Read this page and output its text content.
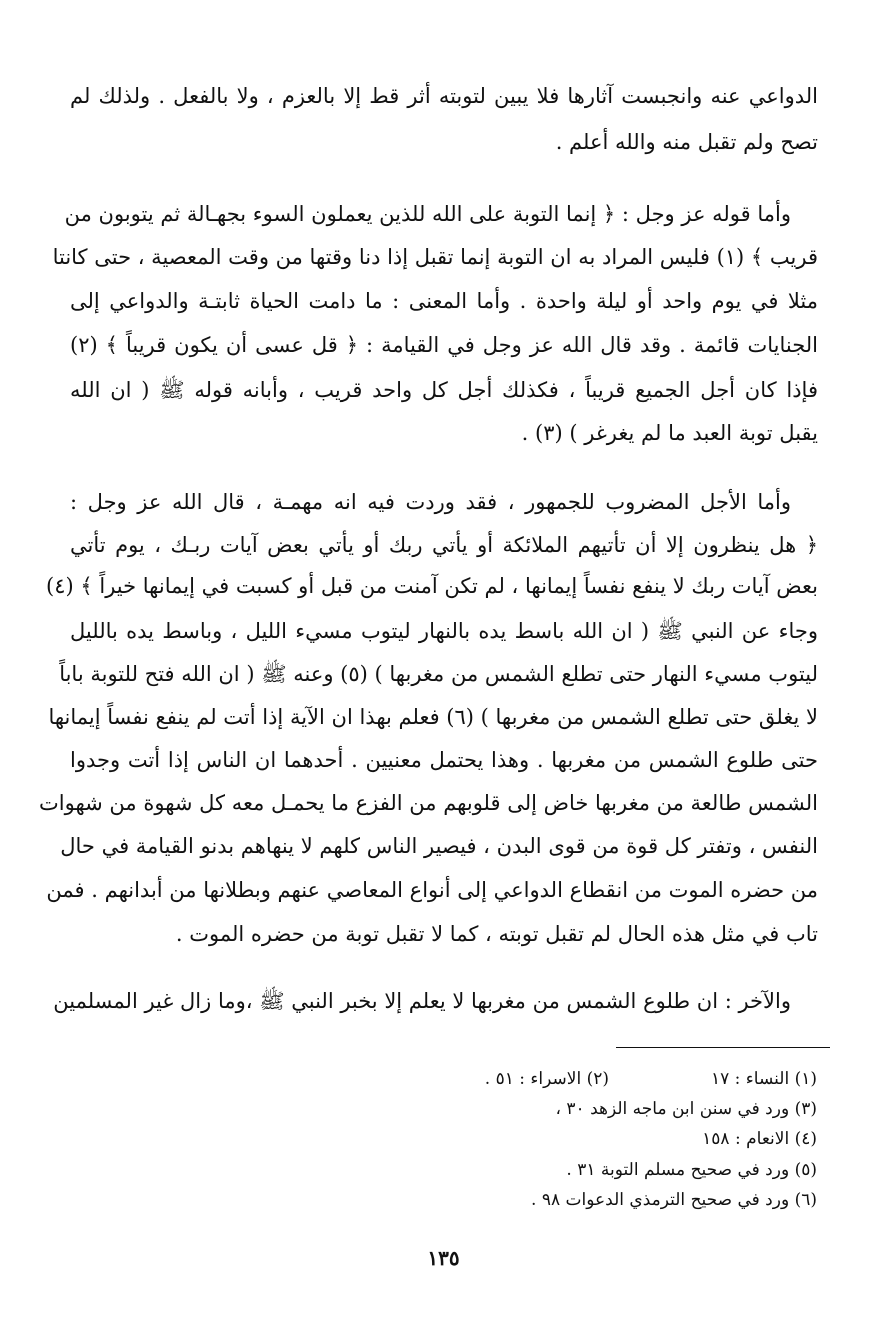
الدواعي عنه وانجبست آثارها فلا يبين لتوبته أثر قط إلا بالعزم ، ولا بالفعل . ولذلك لم
تصح ولم تقبل منه والله أعلم .
وأما قوله عز وجل : ﴿ إنما التوبة على الله للذين يعملون السوء بجهـالة ثم يتوبون من
قريب ﴾ (١) فليس المراد به ان التوبة إنما تقبل إذا دنا وقتها من وقت المعصية ، حتى كانتا
مثلا في يوم واحد أو ليلة واحدة . وأما المعنى : ما دامت الحياة ثابتـة والدواعي إلى
الجنايات قائمة . وقد قال الله عز وجل في القيامة : ﴿ قل عسى أن يكون قريباً ﴾ (٢)
فإذا كان أجل الجميع قريباً ، فكذلك أجل كل واحد قريب ، وأبانه قوله ﷺ ( ان الله
يقبل توبة العبد ما لم يغرغر ) (٣) .
وأما الأجل المضروب للجمهور ، فقد وردت فيه انه مهمـة ، قال الله عز وجل :
﴿ هل ينظرون إلا أن تأتيهم الملائكة أو يأتي ربك أو يأتي بعض آيات ربـك ، يوم تأتي
بعض آيات ربك لا ينفع نفساً إيمانها ، لم تكن آمنت من قبل أو كسبت في إيمانها خيراً ﴾ (٤)
وجاء عن النبي ﷺ ( ان الله باسط يده بالنهار ليتوب مسيء الليل ، وباسط يده بالليل
ليتوب مسيء النهار حتى تطلع الشمس من مغربها ) (٥) وعنه ﷺ ( ان الله فتح للتوبة باباً
لا يغلق حتى تطلع الشمس من مغربها ) (٦) فعلم بهذا ان الآية إذا أتت لم ينفع نفساً إيمانها
حتى طلوع الشمس من مغربها . وهذا يحتمل معنيين . أحدهما ان الناس إذا أتت وجدوا
الشمس طالعة من مغربها خاض إلى قلوبهم من الفزع ما يحمـل معه كل شهوة من شهوات
النفس ، وتفتر كل قوة من قوى البدن ، فيصير الناس كلهم لا ينهاهم بدنو القيامة في حال
من حضره الموت من انقطاع الدواعي إلى أنواع المعاصي عنهم وبطلانها من أبدانهم . فمن
تاب في مثل هذه الحال لم تقبل توبته ، كما لا تقبل توبة من حضره الموت .
والآخر : ان طلوع الشمس من مغربها لا يعلم إلا بخبر النبي ﷺ ،وما زال غير المسلمين
(١) النساء : ١٧
(٢) الاسراء : ٥١ .
(٣) ورد في سنن ابن ماجه الزهد ٣٠ ،
(٤) الانعام : ١٥٨
(٥) ورد في صحيح مسلم التوبة ٣١ .
(٦) ورد في صحيح الترمذي الدعوات ٩٨ .
١٣٥
